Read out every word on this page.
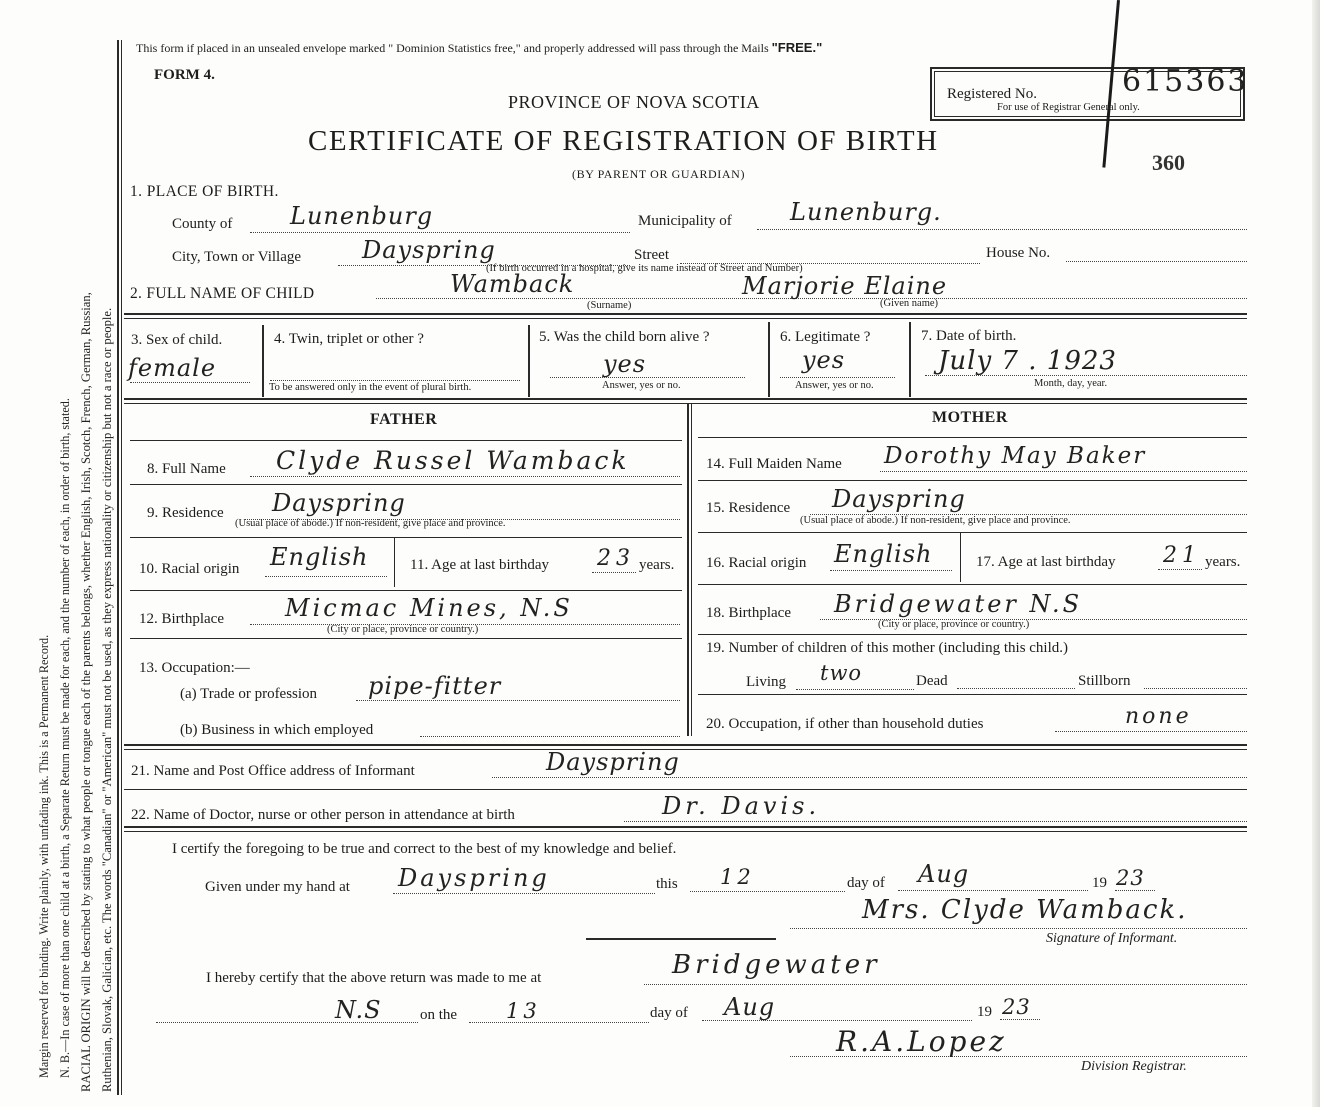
Margin reserved for binding. Write plainly, with unfading ink. This is a Permanent Record. N. B.—In case of more than one child at a birth, a Separate Return must be made for each, and the number of each, in order of birth, stated. RACIAL ORIGIN will be described by stating to what people or tongue each of the parents belongs, whether English, Irish, Scotch, French, German, Russian, Ruthenian, Slovak, Galician, etc. The words "Canadian" or "American" must not be used, as they express nationality or citizenship but not a race or people.
This form if placed in an unsealed envelope marked " Dominion Statistics free," and properly addressed will pass through the Mails "FREE."
FORM 4.
PROVINCE OF NOVA SCOTIA
CERTIFICATE OF REGISTRATION OF BIRTH
(BY PARENT OR GUARDIAN)
Registered No.	615363
For use of Registrar General only.
360
1. PLACE OF BIRTH.
County of Lunenburg	Municipality of Lunenburg.
City, Town or Village	Dayspring	Street	House No.
(If birth occurred in a hospital, give its name instead of Street and Number)
2. FULL NAME OF CHILD	Wamback	Marjorie Elaine
(Surname)	(Given name)
3. Sex of child.
female
4. Twin, triplet or other ?
To be answered only in the event of plural birth.
5. Was the child born alive ?
yes
Answer, yes or no.
6. Legitimate ?
yes
Answer, yes or no.
7. Date of birth.
July 7 . 1923
Month, day, year.
FATHER
8. Full Name Clyde Russel Wamback
9. Residence Dayspring
(Usual place of abode.) If non-resident, give place and province.
10. Racial origin English	11. Age at last birthday 23 years.
12. Birthplace	Micmac Mines, N.S
(City or place, province or country.)
13. Occupation:—
(a) Trade or profession pipe-fitter
(b) Business in which employed
MOTHER
14. Full Maiden Name Dorothy May Baker
15. Residence Dayspring
(Usual place of abode.) If non-resident, give place and province.
16. Racial origin English	17. Age at last birthday 21 years.
18. Birthplace Bridgewater N.S
(City or place, province or country.)
19. Number of children of this mother (including this child.)
Living two	Dead	Stillborn
20. Occupation, if other than household duties	none
21. Name and Post Office address of Informant	Dayspring
22. Name of Doctor, nurse or other person in attendance at birth	Dr. Davis.
I certify the foregoing to be true and correct to the best of my knowledge and belief.
Given under my hand at Dayspring	this 12	day of Aug	19 23
Mrs. Clyde Wamback.
Signature of Informant.
I hereby certify that the above return was made to me at	Bridgewater
N.S	on the 13	day of Aug	19 23
R.A.Lopez
Division Registrar.
